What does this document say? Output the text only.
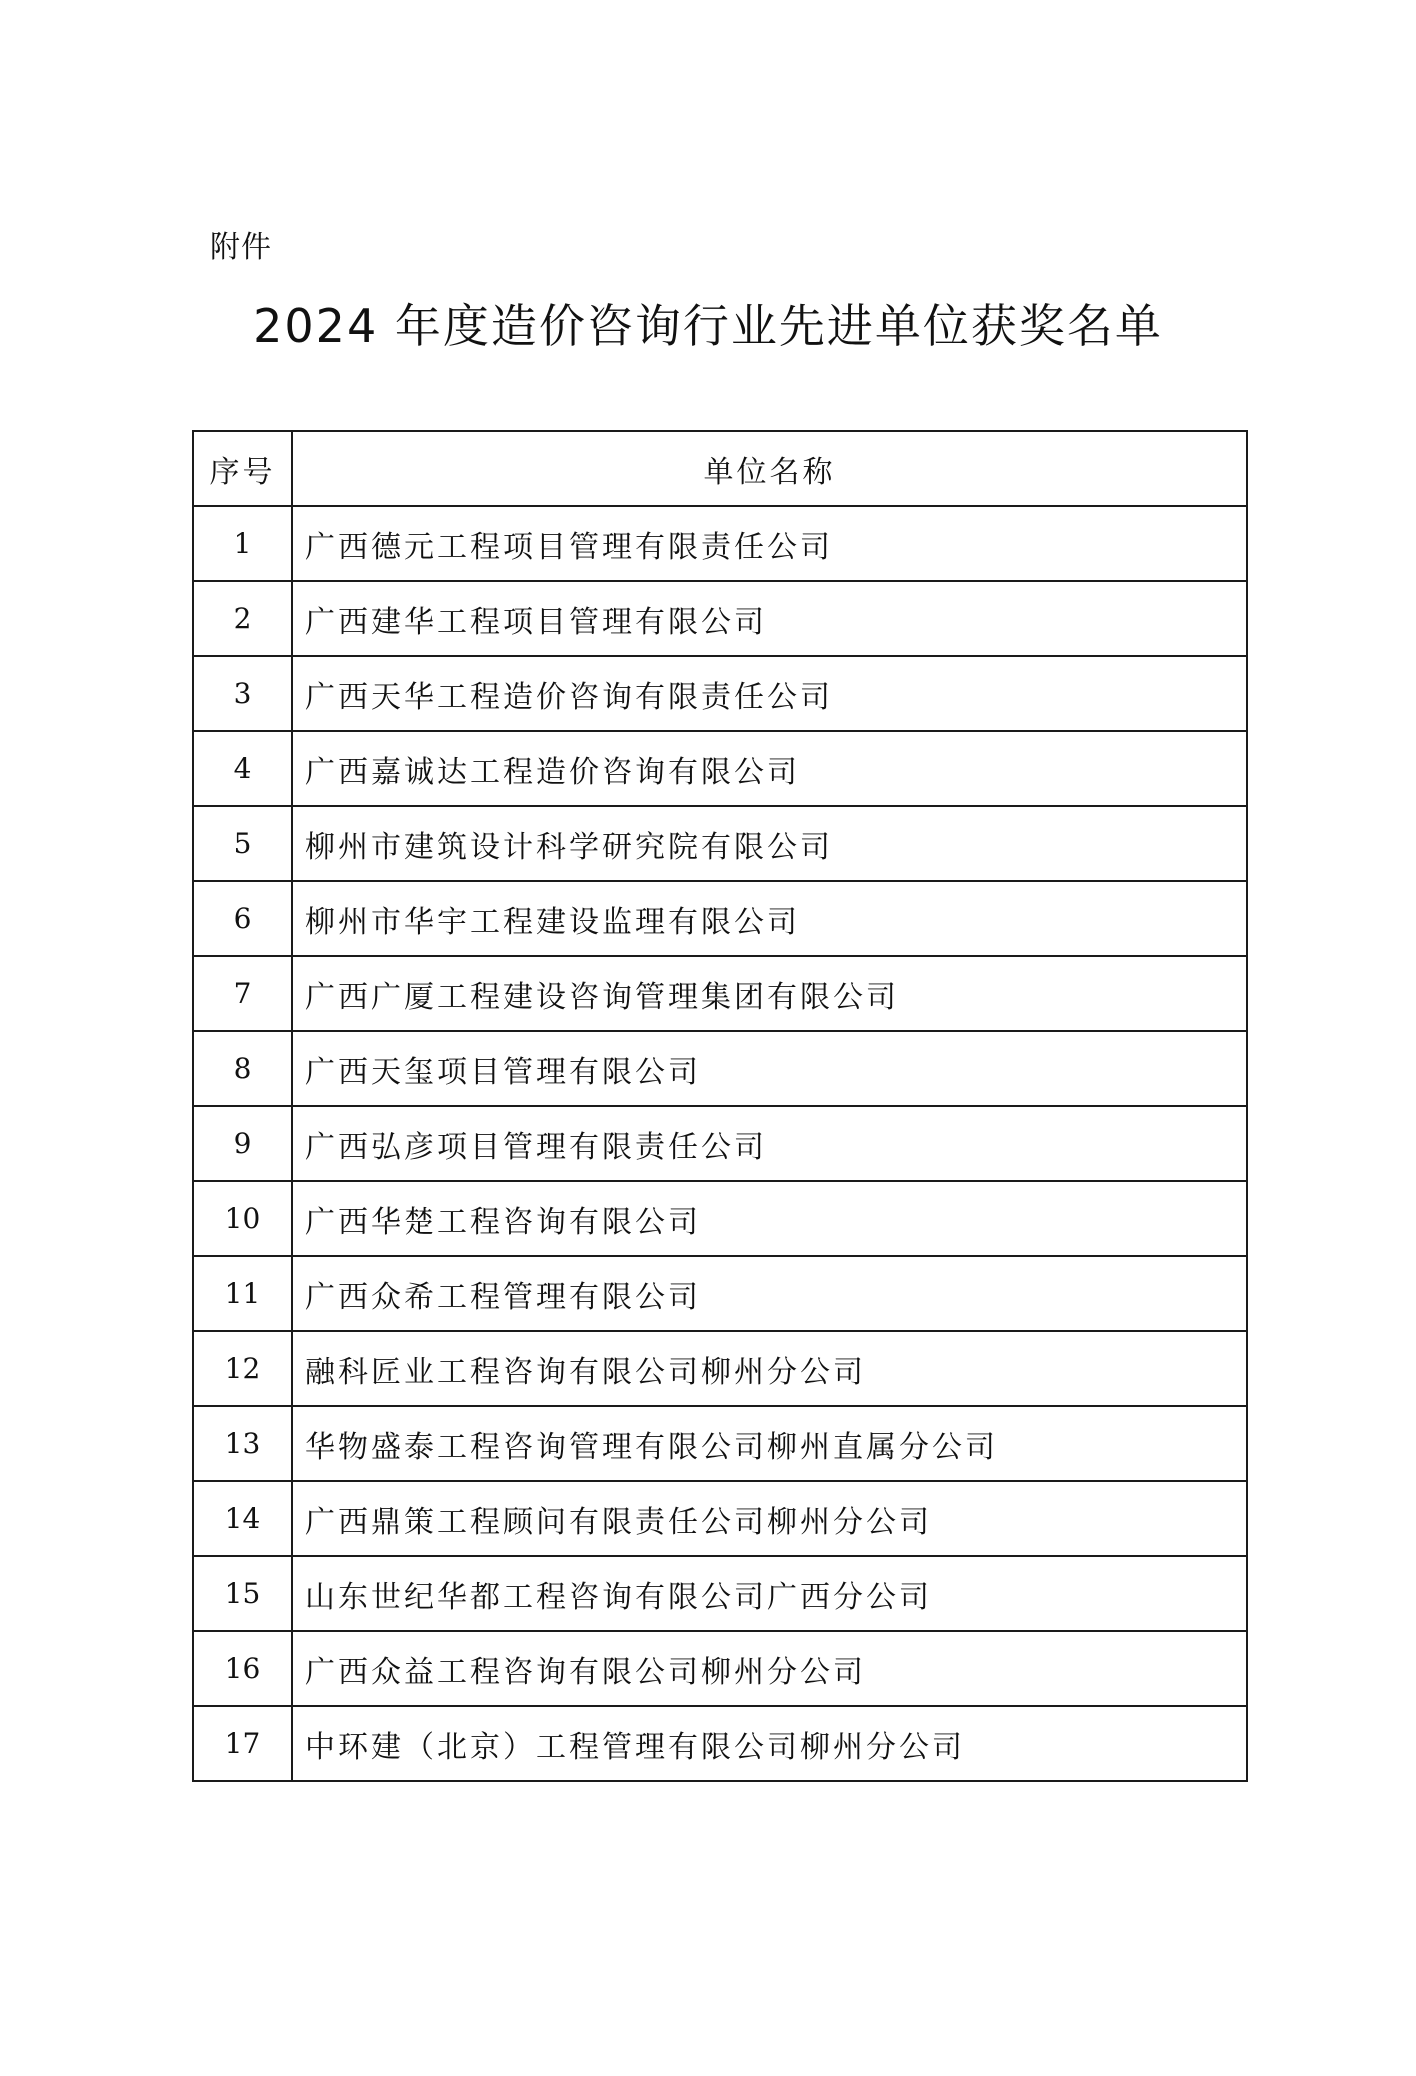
附件
2024 年度造价咨询行业先进单位获奖名单
序号	单位名称
1	广西德元工程项目管理有限责任公司
2	广西建华工程项目管理有限公司
3	广西天华工程造价咨询有限责任公司
4	广西嘉诚达工程造价咨询有限公司
5	柳州市建筑设计科学研究院有限公司
6	柳州市华宇工程建设监理有限公司
7	广西广厦工程建设咨询管理集团有限公司
8	广西天玺项目管理有限公司
9	广西弘彦项目管理有限责任公司
10	广西华楚工程咨询有限公司
11	广西众希工程管理有限公司
12	融科匠业工程咨询有限公司柳州分公司
13	华物盛泰工程咨询管理有限公司柳州直属分公司
14	广西鼎策工程顾问有限责任公司柳州分公司
15	山东世纪华都工程咨询有限公司广西分公司
16	广西众益工程咨询有限公司柳州分公司
17	中环建（北京）工程管理有限公司柳州分公司
